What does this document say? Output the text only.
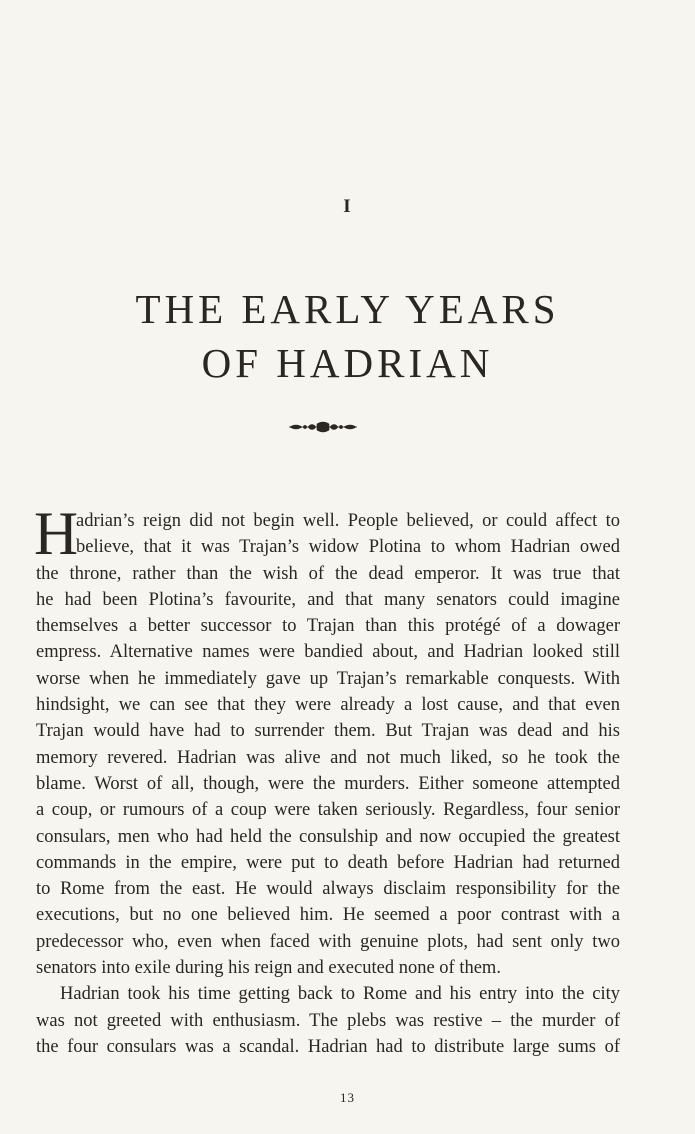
I
THE EARLY YEARS
OF HADRIAN
H
adrian’s reign did not begin well. People believed, or could affect to
believe, that it was Trajan’s widow Plotina to whom Hadrian owed
the throne, rather than the wish of the dead emperor. It was true that
he had been Plotina’s favourite, and that many senators could imagine
themselves a better successor to Trajan than this protégé of a dowager
empress. Alternative names were bandied about, and Hadrian looked still
worse when he immediately gave up Trajan’s remarkable conquests. With
hindsight, we can see that they were already a lost cause, and that even
Trajan would have had to surrender them. But Trajan was dead and his
memory revered. Hadrian was alive and not much liked, so he took the
blame. Worst of all, though, were the murders. Either someone attempted
a coup, or rumours of a coup were taken seriously. Regardless, four senior
consulars, men who had held the consulship and now occupied the greatest
commands in the empire, were put to death before Hadrian had returned
to Rome from the east. He would always disclaim responsibility for the
executions, but no one believed him. He seemed a poor contrast with a
predecessor who, even when faced with genuine plots, had sent only two
senators into exile during his reign and executed none of them.
Hadrian took his time getting back to Rome and his entry into the city
was not greeted with enthusiasm. The plebs was restive – the murder of
the four consulars was a scandal. Hadrian had to distribute large sums of
13
